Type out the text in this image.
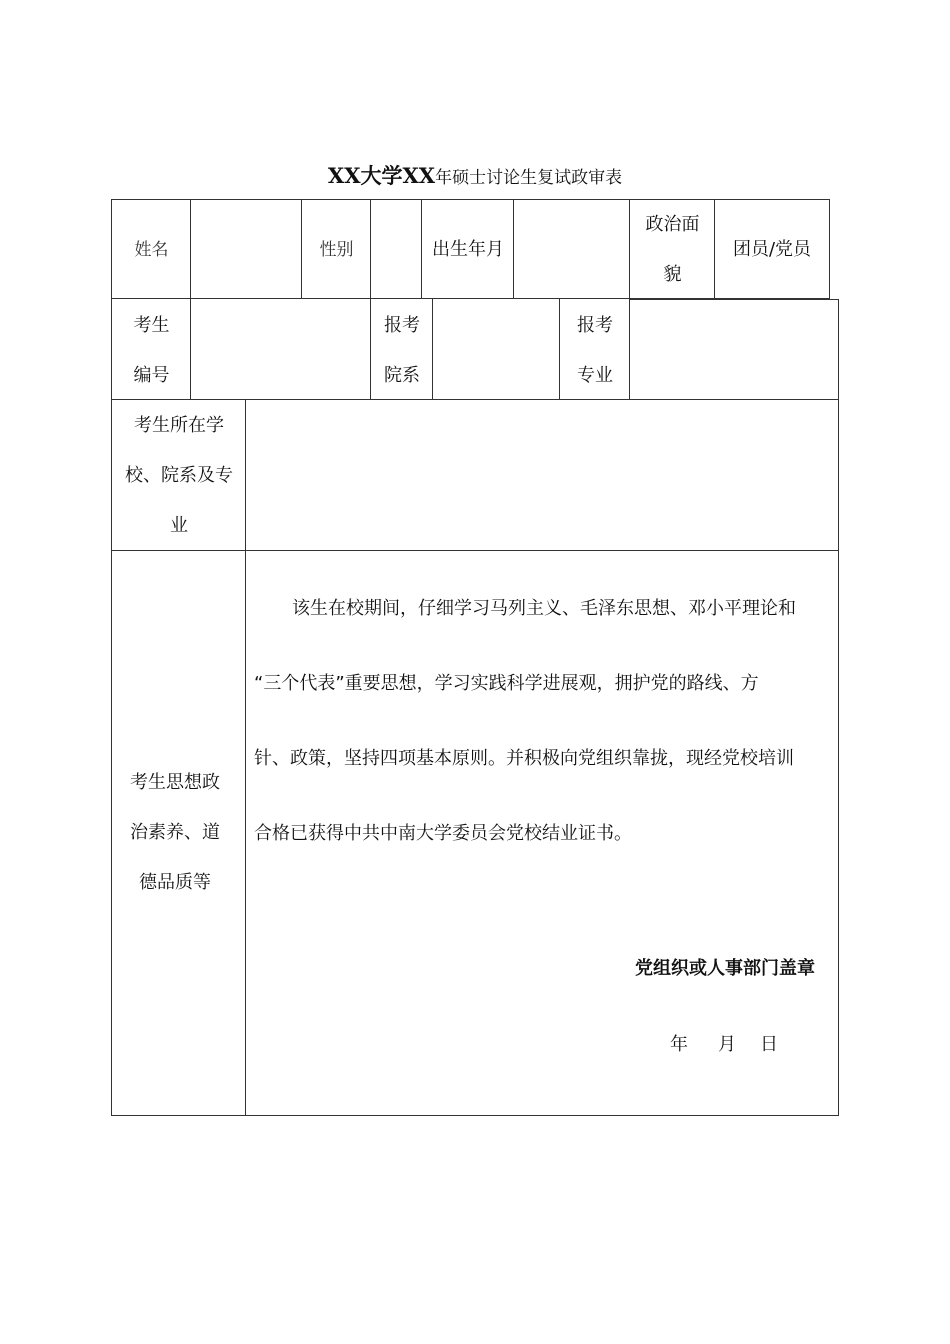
XX大学XX年硕士讨论生复试政审表
姓名	性别	出生年月
政治面
貌
团员/党员
考生
编号
报考
院系
报考
专业
考生所在学
校、院系及专
业
考生思想政
治素养、道
德品质等
该生在校期间，仔细学习马列主义、毛泽东思想、邓小平理论和
“三个代表”重要思想，学习实践科学进展观，拥护党的路线、方
针、政策，坚持四项基本原则。并积极向党组织靠拢，现经党校培训
合格已获得中共中南大学委员会党校结业证书。
党组织或人事部门盖章
年 月 日
